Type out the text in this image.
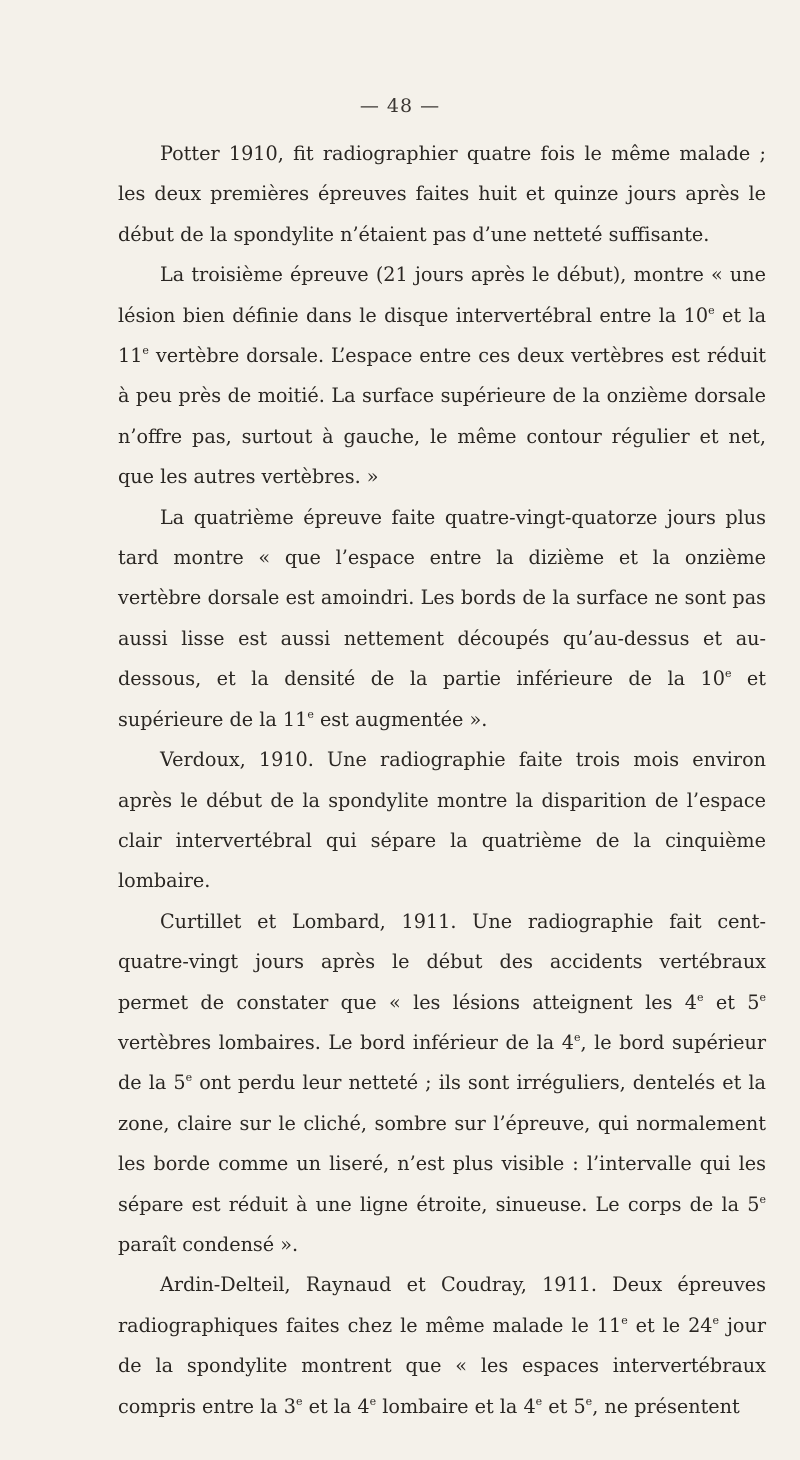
— 48 —

Potter 1910, fit radiographier quatre fois le même malade ; les deux premières épreuves faites huit et quinze jours après le début de la spondylite n’étaient pas d’une netteté suffisante.

La troisième épreuve (21 jours après le début), montre « une lésion bien définie dans le disque intervertébral entre la 10e et la 11e vertèbre dorsale. L’espace entre ces deux vertèbres est réduit à peu près de moitié. La surface supérieure de la onzième dorsale n’offre pas, surtout à gauche, le même contour régulier et net, que les autres vertèbres. »

La quatrième épreuve faite quatre-vingt-quatorze jours plus tard montre « que l’espace entre la dizième et la onzième vertèbre dorsale est amoindri. Les bords de la surface ne sont pas aussi lisse est aussi nettement découpés qu’au-dessus et au-dessous, et la densité de la partie inférieure de la 10e et supérieure de la 11e est augmentée ».

Verdoux, 1910. Une radiographie faite trois mois environ après le début de la spondylite montre la disparition de l’espace clair intervertébral qui sépare la quatrième de la cinquième lombaire.

Curtillet et Lombard, 1911. Une radiographie fait cent-quatre-vingt jours après le début des accidents vertébraux permet de constater que « les lésions atteignent les 4e et 5e vertèbres lombaires. Le bord inférieur de la 4e, le bord supérieur de la 5e ont perdu leur netteté ; ils sont irréguliers, dentelés et la zone, claire sur le cliché, sombre sur l’épreuve, qui normalement les borde comme un liseré, n’est plus visible : l’intervalle qui les sépare est réduit à une ligne étroite, sinueuse. Le corps de la 5e paraît condensé ».

Ardin-Delteil, Raynaud et Coudray, 1911. Deux épreuves radiographiques faites chez le même malade le 11e et le 24e jour de la spondylite montrent que « les espaces intervertébraux compris entre la 3e et la 4e lombaire et la 4e et 5e, ne présentent
